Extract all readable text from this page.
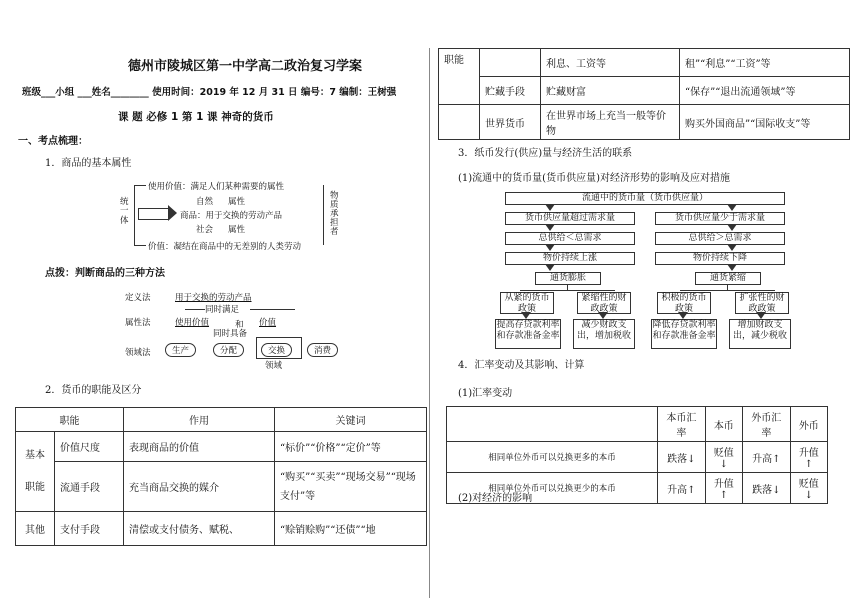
德州市陵城区第一中学高二政治复习学案
班级___小组 ___姓名________ 使用时间：2019 年 12 月 31 日 编号：7 编制：王树强
课 题 必修 1 第 1 课 神奇的货币
一、考点梳理：
1．商品的基本属性
统一体
物质承担者
使用价值：满足人们某种需要的属性
自然 属性
商品：用于交换的劳动产品
社会 属性
价值：凝结在商品中的无差别的人类劳动
点拨：判断商品的三种方法
定义法	用于交换的劳动产品
同时满足
属性法	使用价值	和 价值
同时具备
领域法	生产	分配	交换	消费
领域
2．货币的职能及区分
职能		作用	关键词
基本
职能	价值尺度	表现商品的价值	“标价”“价格”“定价”等
	流通手段	充当商品交换的媒介	“购买”“买卖”“现场交易”“现场支付”等
其他	支付手段	清偿或支付债务、赋税、	“赊销赊购”“还债”“地
职能		利息、工资等	租”“利息”“工资”等
	贮藏手段	贮藏财富	“保存”“退出流通领域”等
	世界货币	在世界市场上充当一般等价物	购买外国商品”“国际收支”等
3．纸币发行(供应)量与经济生活的联系
(1)流通中的货币量(货币供应量)对经济形势的影响及应对措施
流通中的货币量（货币供应量）
货币供应量超过需求量	货币供应量少于需求量
总供给＜总需求	总供给＞总需求
物价持续上涨	物价持续下降
通货膨胀	通货紧缩
从紧的货币政策
紧缩性的财政政策
积极的货币政策
扩张性的财政政策
提高存贷款利率和存款准备金率
减少财政支出，增加税收
降低存贷款利率和存款准备金率
增加财政支出，减少税收
4．汇率变动及其影响、计算
(1)汇率变动
	本币汇率	本币	外币汇率	外币
相同单位外币可以兑换更多的本币	跌落↓	贬值↓	升高↑	升值↑
相同单位外币可以兑换更少的本币	升高↑	升值↑	跌落↓	贬值↓
(2)对经济的影响
